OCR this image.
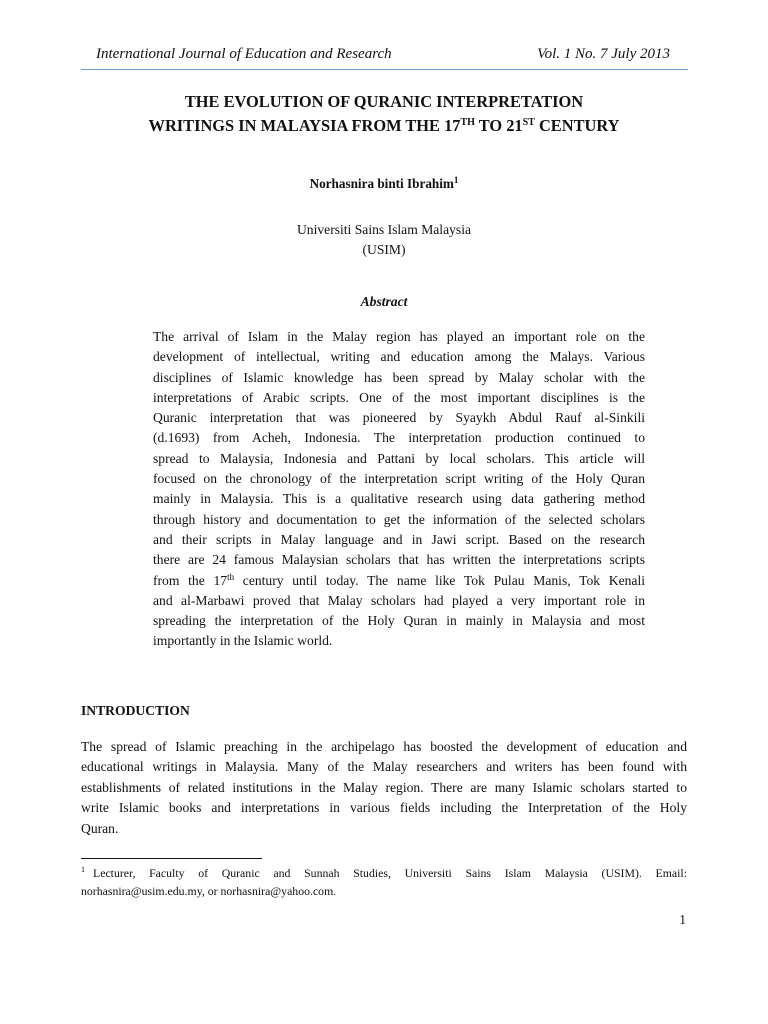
International Journal of Education and Research	Vol. 1 No. 7 July 2013
THE EVOLUTION OF QURANIC INTERPRETATION
WRITINGS IN MALAYSIA FROM THE 17TH TO 21ST CENTURY
Norhasnira binti Ibrahim$^1$
Universiti Sains Islam Malaysia
(USIM)
Abstract
The arrival of Islam in the Malay region has played an important role on the
development of intellectual, writing and education among the Malays. Various
disciplines of Islamic knowledge has been spread by Malay scholar with the
interpretations of Arabic scripts. One of the most important disciplines is the
Quranic interpretation that was pioneered by Syaykh Abdul Rauf al-Sinkili
(d.1693) from Acheh, Indonesia. The interpretation production continued to
spread to Malaysia, Indonesia and Pattani by local scholars. This article will
focused on the chronology of the interpretation script writing of the Holy Quran
mainly in Malaysia. This is a qualitative research using data gathering method
through history and documentation to get the information of the selected scholars
and their scripts in Malay language and in Jawi script. Based on the research
there are 24 famous Malaysian scholars that has written the interpretations scripts
from the 17th century until today. The name like Tok Pulau Manis, Tok Kenali
and al-Marbawi proved that Malay scholars had played a very important role in
spreading the interpretation of the Holy Quran in mainly in Malaysia and most
importantly in the Islamic world.
INTRODUCTION
The spread of Islamic preaching in the archipelago has boosted the development of education and
educational writings in Malaysia. Many of the Malay researchers and writers has been found with
establishments of related institutions in the Malay region. There are many Islamic scholars started to
write Islamic books and interpretations in various fields including the Interpretation of the Holy
Quran.
$^1$ Lecturer, Faculty of Quranic and Sunnah Studies, Universiti Sains Islam Malaysia (USIM). Email:
norhasnira@usim.edu.my, or norhasnira@yahoo.com.
1
